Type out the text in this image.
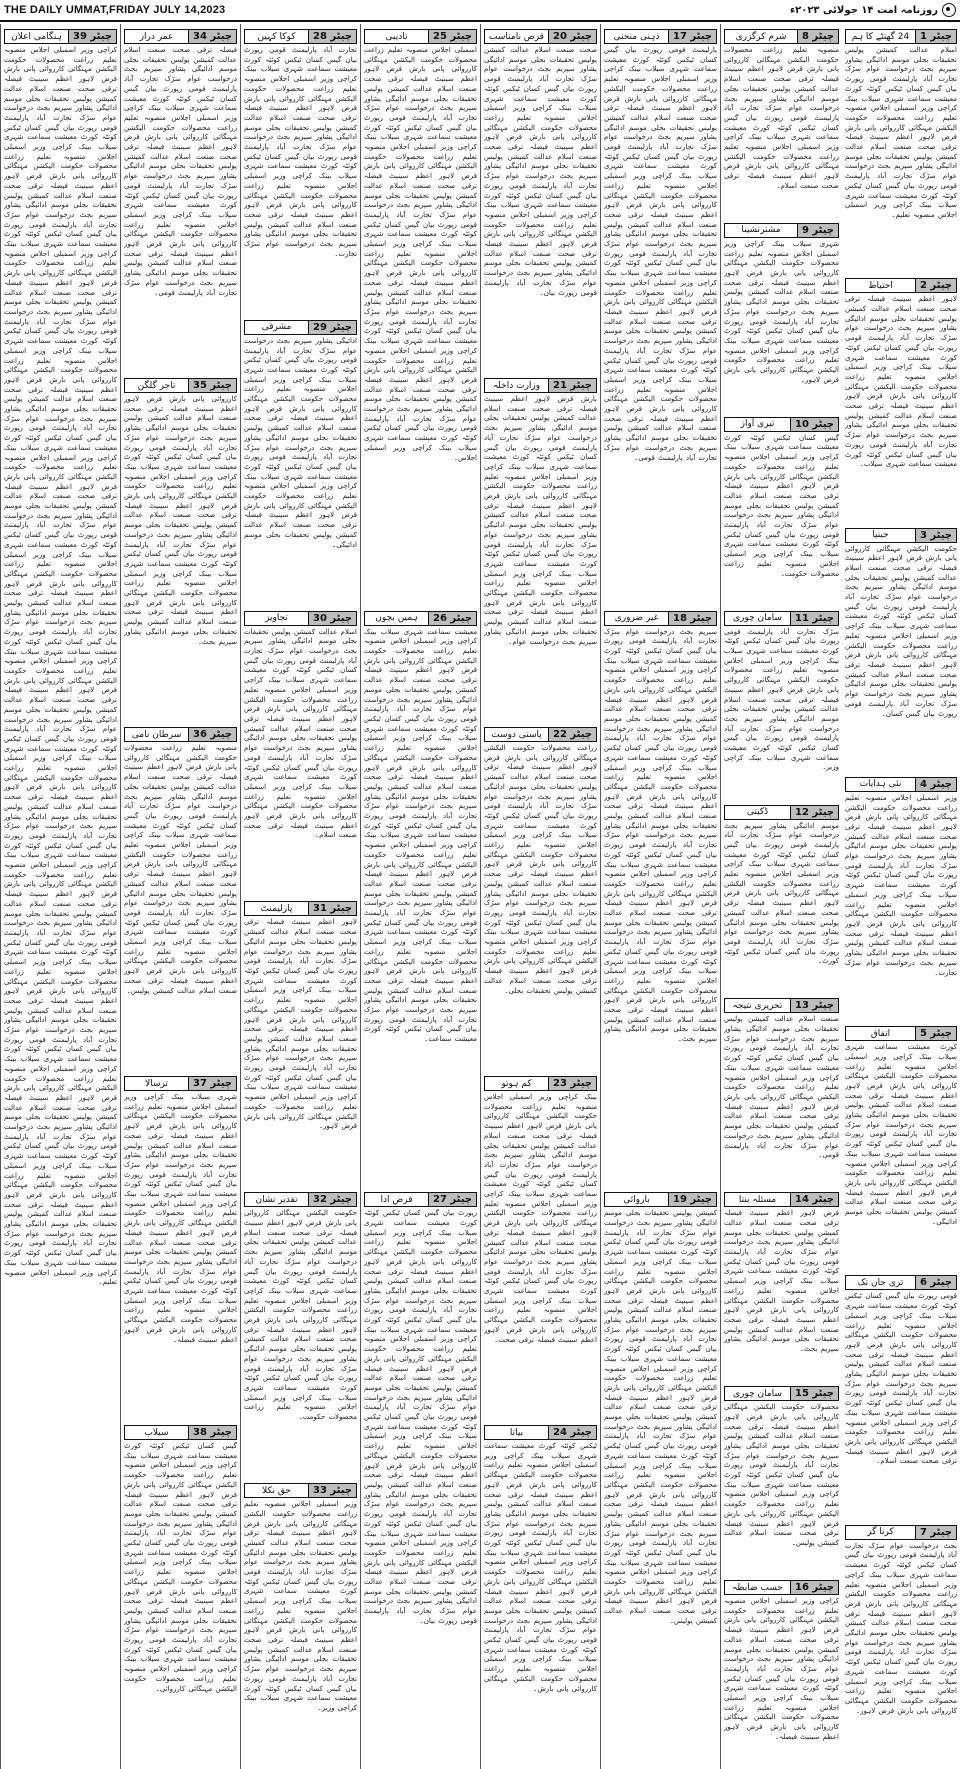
THE DAILY UMMAT,FRIDAY JULY 14,2023	روزنامہ امت ۱۴ جولائی ۲۰۲۳ء
چیٹر 1
24 گھنٹے کا ہم
اسلام عدالت کمیشن پولیس تحقیقات بجلی موسم ادائیگی پشاور سپریم بجٹ درخواست عوام سڑک تجارت آباد پارلیمنٹ قومی رپورٹ بیان گیس کسان ٹیکس کوئٹہ کورٹ معیشت سماعت شہری سیلاب بینک کراچی وزیر اسمبلی اجلاس منصوبہ تعلیم زراعت محصولات حکومت الیکشن مہنگائی کارروائی پانی بارش قرض لاہور اعظم سینیٹ فیصلہ ترقی صحت صنعت اسلام عدالت کمیشن پولیس تحقیقات بجلی موسم ادائیگی پشاور سپریم بجٹ درخواست عوام سڑک تجارت آباد پارلیمنٹ قومی رپورٹ بیان گیس کسان ٹیکس کوئٹہ کورٹ معیشت سماعت شہری سیلاب بینک کراچی وزیر اسمبلی اجلاس منصوبہ تعلیم۔
چیٹر 2
احتیاط
لاہور اعظم سینیٹ فیصلہ ترقی صحت صنعت اسلام عدالت کمیشن پولیس تحقیقات بجلی موسم ادائیگی پشاور سپریم بجٹ درخواست عوام سڑک تجارت آباد پارلیمنٹ قومی رپورٹ بیان گیس کسان ٹیکس کوئٹہ کورٹ معیشت سماعت شہری سیلاب بینک کراچی وزیر اسمبلی اجلاس منصوبہ تعلیم زراعت محصولات حکومت الیکشن مہنگائی کارروائی پانی بارش قرض لاہور اعظم سینیٹ فیصلہ ترقی صحت صنعت اسلام عدالت کمیشن پولیس تحقیقات بجلی موسم ادائیگی پشاور سپریم بجٹ درخواست عوام سڑک تجارت آباد پارلیمنٹ قومی رپورٹ بیان گیس کسان ٹیکس کوئٹہ کورٹ معیشت سماعت شہری سیلاب۔
چیٹر 3
جینیا
حکومت الیکشن مہنگائی کارروائی پانی بارش قرض لاہور اعظم سینیٹ فیصلہ ترقی صحت صنعت اسلام عدالت کمیشن پولیس تحقیقات بجلی موسم ادائیگی پشاور سپریم بجٹ درخواست عوام سڑک تجارت آباد پارلیمنٹ قومی رپورٹ بیان گیس کسان ٹیکس کوئٹہ کورٹ معیشت سماعت شہری سیلاب بینک کراچی وزیر اسمبلی اجلاس منصوبہ تعلیم زراعت محصولات حکومت الیکشن مہنگائی کارروائی پانی بارش قرض لاہور اعظم سینیٹ فیصلہ ترقی صحت صنعت اسلام عدالت کمیشن پولیس تحقیقات بجلی موسم ادائیگی پشاور سپریم بجٹ درخواست عوام سڑک تجارت آباد پارلیمنٹ قومی رپورٹ بیان گیس کسان۔
چیٹر 4
نئی ہدایات
وزیر اسمبلی اجلاس منصوبہ تعلیم زراعت محصولات حکومت الیکشن مہنگائی کارروائی پانی بارش قرض لاہور اعظم سینیٹ فیصلہ ترقی صحت صنعت اسلام عدالت کمیشن پولیس تحقیقات بجلی موسم ادائیگی پشاور سپریم بجٹ درخواست عوام سڑک تجارت آباد پارلیمنٹ قومی رپورٹ بیان گیس کسان ٹیکس کوئٹہ کورٹ معیشت سماعت شہری سیلاب بینک کراچی وزیر اسمبلی اجلاس منصوبہ تعلیم زراعت محصولات حکومت الیکشن مہنگائی کارروائی پانی بارش قرض لاہور اعظم سینیٹ فیصلہ ترقی صحت صنعت اسلام عدالت کمیشن پولیس تحقیقات بجلی موسم ادائیگی پشاور سپریم بجٹ درخواست عوام سڑک تجارت۔
چیٹر 5
اتفاق
کورٹ معیشت سماعت شہری سیلاب بینک کراچی وزیر اسمبلی اجلاس منصوبہ تعلیم زراعت محصولات حکومت الیکشن مہنگائی کارروائی پانی بارش قرض لاہور اعظم سینیٹ فیصلہ ترقی صحت صنعت اسلام عدالت کمیشن پولیس تحقیقات بجلی موسم ادائیگی پشاور سپریم بجٹ درخواست عوام سڑک تجارت آباد پارلیمنٹ قومی رپورٹ بیان گیس کسان ٹیکس کوئٹہ کورٹ معیشت سماعت شہری سیلاب بینک کراچی وزیر اسمبلی اجلاس منصوبہ تعلیم زراعت محصولات حکومت الیکشن مہنگائی کارروائی پانی بارش قرض لاہور اعظم سینیٹ فیصلہ ترقی صحت صنعت اسلام عدالت کمیشن پولیس تحقیقات بجلی موسم ادائیگی۔
چیٹر 6
تری جاں تک
قومی رپورٹ بیان گیس کسان ٹیکس کوئٹہ کورٹ معیشت سماعت شہری سیلاب بینک کراچی وزیر اسمبلی اجلاس منصوبہ تعلیم زراعت محصولات حکومت الیکشن مہنگائی کارروائی پانی بارش قرض لاہور اعظم سینیٹ فیصلہ ترقی صحت صنعت اسلام عدالت کمیشن پولیس تحقیقات بجلی موسم ادائیگی پشاور سپریم بجٹ درخواست عوام سڑک تجارت آباد پارلیمنٹ قومی رپورٹ بیان گیس کسان ٹیکس کوئٹہ کورٹ معیشت سماعت شہری سیلاب بینک کراچی وزیر اسمبلی اجلاس منصوبہ تعلیم زراعت محصولات حکومت الیکشن مہنگائی کارروائی پانی بارش قرض لاہور اعظم سینیٹ فیصلہ ترقی صحت صنعت اسلام۔
چیٹر 7
کرنا گر
بجٹ درخواست عوام سڑک تجارت آباد پارلیمنٹ قومی رپورٹ بیان گیس کسان ٹیکس کوئٹہ کورٹ معیشت سماعت شہری سیلاب بینک کراچی وزیر اسمبلی اجلاس منصوبہ تعلیم زراعت محصولات حکومت الیکشن مہنگائی کارروائی پانی بارش قرض لاہور اعظم سینیٹ فیصلہ ترقی صحت صنعت اسلام عدالت کمیشن پولیس تحقیقات بجلی موسم ادائیگی پشاور سپریم بجٹ درخواست عوام سڑک تجارت آباد پارلیمنٹ قومی رپورٹ بیان گیس کسان ٹیکس کوئٹہ کورٹ معیشت سماعت شہری سیلاب بینک کراچی وزیر اسمبلی اجلاس منصوبہ تعلیم زراعت محصولات حکومت الیکشن مہنگائی کارروائی پانی بارش قرض لاہور۔
چیٹر 8
شرم کرگزری
منصوبہ تعلیم زراعت محصولات حکومت الیکشن مہنگائی کارروائی پانی بارش قرض لاہور اعظم سینیٹ فیصلہ ترقی صحت صنعت اسلام عدالت کمیشن پولیس تحقیقات بجلی موسم ادائیگی پشاور سپریم بجٹ درخواست عوام سڑک تجارت آباد پارلیمنٹ قومی رپورٹ بیان گیس کسان ٹیکس کوئٹہ کورٹ معیشت سماعت شہری سیلاب بینک کراچی وزیر اسمبلی اجلاس منصوبہ تعلیم زراعت محصولات حکومت الیکشن مہنگائی کارروائی پانی بارش قرض لاہور اعظم سینیٹ فیصلہ ترقی صحت صنعت اسلام۔
چیٹر 9
مشترنشینا
شہری سیلاب بینک کراچی وزیر اسمبلی اجلاس منصوبہ تعلیم زراعت محصولات حکومت الیکشن مہنگائی کارروائی پانی بارش قرض لاہور اعظم سینیٹ فیصلہ ترقی صحت صنعت اسلام عدالت کمیشن پولیس تحقیقات بجلی موسم ادائیگی پشاور سپریم بجٹ درخواست عوام سڑک تجارت آباد پارلیمنٹ قومی رپورٹ بیان گیس کسان ٹیکس کوئٹہ کورٹ معیشت سماعت شہری سیلاب بینک کراچی وزیر اسمبلی اجلاس منصوبہ تعلیم زراعت محصولات حکومت الیکشن مہنگائی کارروائی پانی بارش قرض لاہور۔
چیٹر 10
تیری آواز
گیس کسان ٹیکس کوئٹہ کورٹ معیشت سماعت شہری سیلاب بینک کراچی وزیر اسمبلی اجلاس منصوبہ تعلیم زراعت محصولات حکومت الیکشن مہنگائی کارروائی پانی بارش قرض لاہور اعظم سینیٹ فیصلہ ترقی صحت صنعت اسلام عدالت کمیشن پولیس تحقیقات بجلی موسم ادائیگی پشاور سپریم بجٹ درخواست عوام سڑک تجارت آباد پارلیمنٹ قومی رپورٹ بیان گیس کسان ٹیکس کوئٹہ کورٹ معیشت سماعت شہری سیلاب بینک کراچی وزیر اسمبلی اجلاس منصوبہ تعلیم زراعت محصولات حکومت۔
چیٹر 11
سامان چوری
سڑک تجارت آباد پارلیمنٹ قومی رپورٹ بیان گیس کسان ٹیکس کوئٹہ کورٹ معیشت سماعت شہری سیلاب بینک کراچی وزیر اسمبلی اجلاس منصوبہ تعلیم زراعت محصولات حکومت الیکشن مہنگائی کارروائی پانی بارش قرض لاہور اعظم سینیٹ فیصلہ ترقی صحت صنعت اسلام عدالت کمیشن پولیس تحقیقات بجلی موسم ادائیگی پشاور سپریم بجٹ درخواست عوام سڑک تجارت آباد پارلیمنٹ قومی رپورٹ بیان گیس کسان ٹیکس کوئٹہ کورٹ معیشت سماعت شہری سیلاب بینک کراچی وزیر۔
چیٹر 12
ڈکیتی
موسم ادائیگی پشاور سپریم بجٹ درخواست عوام سڑک تجارت آباد پارلیمنٹ قومی رپورٹ بیان گیس کسان ٹیکس کوئٹہ کورٹ معیشت سماعت شہری سیلاب بینک کراچی وزیر اسمبلی اجلاس منصوبہ تعلیم زراعت محصولات حکومت الیکشن مہنگائی کارروائی پانی بارش قرض لاہور اعظم سینیٹ فیصلہ ترقی صحت صنعت اسلام عدالت کمیشن پولیس تحقیقات بجلی موسم ادائیگی پشاور سپریم بجٹ درخواست عوام سڑک تجارت آباد پارلیمنٹ قومی رپورٹ بیان گیس کسان ٹیکس کوئٹہ کورٹ۔
چیٹر 13
تحریری نتیجہ
صنعت اسلام عدالت کمیشن پولیس تحقیقات بجلی موسم ادائیگی پشاور سپریم بجٹ درخواست عوام سڑک تجارت آباد پارلیمنٹ قومی رپورٹ بیان گیس کسان ٹیکس کوئٹہ کورٹ معیشت سماعت شہری سیلاب بینک کراچی وزیر اسمبلی اجلاس منصوبہ تعلیم زراعت محصولات حکومت الیکشن مہنگائی کارروائی پانی بارش قرض لاہور اعظم سینیٹ فیصلہ ترقی صحت صنعت اسلام عدالت کمیشن پولیس تحقیقات بجلی موسم ادائیگی پشاور سپریم بجٹ درخواست عوام سڑک تجارت آباد پارلیمنٹ قومی۔
چیٹر 14
مسئلہ بنتا
قرض لاہور اعظم سینیٹ فیصلہ ترقی صحت صنعت اسلام عدالت کمیشن پولیس تحقیقات بجلی موسم ادائیگی پشاور سپریم بجٹ درخواست عوام سڑک تجارت آباد پارلیمنٹ قومی رپورٹ بیان گیس کسان ٹیکس کوئٹہ کورٹ معیشت سماعت شہری سیلاب بینک کراچی وزیر اسمبلی اجلاس منصوبہ تعلیم زراعت محصولات حکومت الیکشن مہنگائی کارروائی پانی بارش قرض لاہور اعظم سینیٹ فیصلہ ترقی صحت صنعت اسلام عدالت کمیشن پولیس تحقیقات بجلی موسم ادائیگی پشاور سپریم بجٹ۔
چیٹر 15
سامان چوری
محصولات حکومت الیکشن مہنگائی کارروائی پانی بارش قرض لاہور اعظم سینیٹ فیصلہ ترقی صحت صنعت اسلام عدالت کمیشن پولیس تحقیقات بجلی موسم ادائیگی پشاور سپریم بجٹ درخواست عوام سڑک تجارت آباد پارلیمنٹ قومی رپورٹ بیان گیس کسان ٹیکس کوئٹہ کورٹ معیشت سماعت شہری سیلاب بینک کراچی وزیر اسمبلی اجلاس منصوبہ تعلیم زراعت محصولات حکومت الیکشن مہنگائی کارروائی پانی بارش قرض لاہور اعظم سینیٹ فیصلہ ترقی صحت صنعت اسلام عدالت کمیشن پولیس۔
چیٹر 16
حسب ضابطہ
کراچی وزیر اسمبلی اجلاس منصوبہ تعلیم زراعت محصولات حکومت الیکشن مہنگائی کارروائی پانی بارش قرض لاہور اعظم سینیٹ فیصلہ ترقی صحت صنعت اسلام عدالت کمیشن پولیس تحقیقات بجلی موسم ادائیگی پشاور سپریم بجٹ درخواست عوام سڑک تجارت آباد پارلیمنٹ قومی رپورٹ بیان گیس کسان ٹیکس کوئٹہ کورٹ معیشت سماعت شہری سیلاب بینک کراچی وزیر اسمبلی اجلاس منصوبہ تعلیم زراعت محصولات حکومت الیکشن مہنگائی کارروائی پانی بارش قرض لاہور اعظم سینیٹ فیصلہ۔
چیٹر 17
ذہنی منحنی
پارلیمنٹ قومی رپورٹ بیان گیس کسان ٹیکس کوئٹہ کورٹ معیشت سماعت شہری سیلاب بینک کراچی وزیر اسمبلی اجلاس منصوبہ تعلیم زراعت محصولات حکومت الیکشن مہنگائی کارروائی پانی بارش قرض لاہور اعظم سینیٹ فیصلہ ترقی صحت صنعت اسلام عدالت کمیشن پولیس تحقیقات بجلی موسم ادائیگی پشاور سپریم بجٹ درخواست عوام سڑک تجارت آباد پارلیمنٹ قومی رپورٹ بیان گیس کسان ٹیکس کوئٹہ کورٹ معیشت سماعت شہری سیلاب بینک کراچی وزیر اسمبلی اجلاس منصوبہ تعلیم زراعت محصولات حکومت الیکشن مہنگائی کارروائی پانی بارش قرض لاہور اعظم سینیٹ فیصلہ ترقی صحت صنعت اسلام عدالت کمیشن پولیس تحقیقات بجلی موسم ادائیگی پشاور سپریم بجٹ درخواست عوام سڑک تجارت آباد پارلیمنٹ قومی رپورٹ بیان گیس کسان ٹیکس کوئٹہ کورٹ معیشت سماعت شہری سیلاب بینک کراچی وزیر اسمبلی اجلاس منصوبہ تعلیم زراعت محصولات حکومت الیکشن مہنگائی کارروائی پانی بارش قرض لاہور اعظم سینیٹ فیصلہ ترقی صحت صنعت اسلام عدالت کمیشن پولیس تحقیقات بجلی موسم ادائیگی پشاور سپریم بجٹ درخواست عوام سڑک تجارت آباد پارلیمنٹ قومی رپورٹ بیان گیس کسان ٹیکس کوئٹہ کورٹ معیشت سماعت شہری سیلاب بینک کراچی وزیر اسمبلی اجلاس منصوبہ تعلیم زراعت محصولات حکومت الیکشن مہنگائی کارروائی پانی بارش قرض لاہور اعظم سینیٹ فیصلہ ترقی صحت صنعت اسلام عدالت کمیشن پولیس تحقیقات بجلی موسم ادائیگی پشاور سپریم بجٹ درخواست عوام سڑک تجارت آباد پارلیمنٹ قومی۔
چیٹر 18
غیر ضروری
سپریم بجٹ درخواست عوام سڑک تجارت آباد پارلیمنٹ قومی رپورٹ بیان گیس کسان ٹیکس کوئٹہ کورٹ معیشت سماعت شہری سیلاب بینک کراچی وزیر اسمبلی اجلاس منصوبہ تعلیم زراعت محصولات حکومت الیکشن مہنگائی کارروائی پانی بارش قرض لاہور اعظم سینیٹ فیصلہ ترقی صحت صنعت اسلام عدالت کمیشن پولیس تحقیقات بجلی موسم ادائیگی پشاور سپریم بجٹ درخواست عوام سڑک تجارت آباد پارلیمنٹ قومی رپورٹ بیان گیس کسان ٹیکس کوئٹہ کورٹ معیشت سماعت شہری سیلاب بینک کراچی وزیر اسمبلی اجلاس منصوبہ تعلیم زراعت محصولات حکومت الیکشن مہنگائی کارروائی پانی بارش قرض لاہور اعظم سینیٹ فیصلہ ترقی صحت صنعت اسلام عدالت کمیشن پولیس تحقیقات بجلی موسم ادائیگی پشاور سپریم بجٹ درخواست عوام سڑک تجارت آباد پارلیمنٹ قومی رپورٹ بیان گیس کسان ٹیکس کوئٹہ کورٹ معیشت سماعت شہری سیلاب بینک کراچی وزیر اسمبلی اجلاس منصوبہ تعلیم زراعت محصولات حکومت الیکشن مہنگائی کارروائی پانی بارش قرض لاہور اعظم سینیٹ فیصلہ ترقی صحت صنعت اسلام عدالت کمیشن پولیس تحقیقات بجلی موسم ادائیگی پشاور سپریم بجٹ درخواست عوام سڑک تجارت آباد پارلیمنٹ قومی رپورٹ بیان گیس کسان ٹیکس کوئٹہ کورٹ معیشت سماعت شہری سیلاب بینک کراچی وزیر اسمبلی اجلاس منصوبہ تعلیم زراعت محصولات حکومت الیکشن مہنگائی کارروائی پانی بارش قرض لاہور اعظم سینیٹ فیصلہ ترقی صحت صنعت اسلام عدالت کمیشن پولیس تحقیقات بجلی موسم ادائیگی پشاور سپریم بجٹ۔
چیٹر 19
باروائی
کمیشن پولیس تحقیقات بجلی موسم ادائیگی پشاور سپریم بجٹ درخواست عوام سڑک تجارت آباد پارلیمنٹ قومی رپورٹ بیان گیس کسان ٹیکس کوئٹہ کورٹ معیشت سماعت شہری سیلاب بینک کراچی وزیر اسمبلی اجلاس منصوبہ تعلیم زراعت محصولات حکومت الیکشن مہنگائی کارروائی پانی بارش قرض لاہور اعظم سینیٹ فیصلہ ترقی صحت صنعت اسلام عدالت کمیشن پولیس تحقیقات بجلی موسم ادائیگی پشاور سپریم بجٹ درخواست عوام سڑک تجارت آباد پارلیمنٹ قومی رپورٹ بیان گیس کسان ٹیکس کوئٹہ کورٹ معیشت سماعت شہری سیلاب بینک کراچی وزیر اسمبلی اجلاس منصوبہ تعلیم زراعت محصولات حکومت الیکشن مہنگائی کارروائی پانی بارش قرض لاہور اعظم سینیٹ فیصلہ ترقی صحت صنعت اسلام عدالت کمیشن پولیس تحقیقات بجلی موسم ادائیگی پشاور سپریم بجٹ درخواست عوام سڑک تجارت آباد پارلیمنٹ قومی رپورٹ بیان گیس کسان ٹیکس کوئٹہ کورٹ معیشت سماعت شہری سیلاب بینک کراچی وزیر اسمبلی اجلاس منصوبہ تعلیم زراعت محصولات حکومت الیکشن مہنگائی کارروائی پانی بارش قرض لاہور اعظم سینیٹ فیصلہ ترقی صحت صنعت اسلام عدالت کمیشن پولیس تحقیقات بجلی موسم ادائیگی پشاور سپریم بجٹ درخواست عوام سڑک تجارت آباد پارلیمنٹ قومی رپورٹ بیان گیس کسان ٹیکس کوئٹہ کورٹ معیشت سماعت شہری سیلاب بینک کراچی وزیر اسمبلی اجلاس منصوبہ تعلیم زراعت محصولات حکومت الیکشن مہنگائی کارروائی پانی بارش قرض لاہور اعظم سینیٹ فیصلہ ترقی صحت صنعت اسلام عدالت کمیشن پولیس۔
چیٹر 20
قرض نامناسب
صحت صنعت اسلام عدالت کمیشن پولیس تحقیقات بجلی موسم ادائیگی پشاور سپریم بجٹ درخواست عوام سڑک تجارت آباد پارلیمنٹ قومی رپورٹ بیان گیس کسان ٹیکس کوئٹہ کورٹ معیشت سماعت شہری سیلاب بینک کراچی وزیر اسمبلی اجلاس منصوبہ تعلیم زراعت محصولات حکومت الیکشن مہنگائی کارروائی پانی بارش قرض لاہور اعظم سینیٹ فیصلہ ترقی صحت صنعت اسلام عدالت کمیشن پولیس تحقیقات بجلی موسم ادائیگی پشاور سپریم بجٹ درخواست عوام سڑک تجارت آباد پارلیمنٹ قومی رپورٹ بیان گیس کسان ٹیکس کوئٹہ کورٹ معیشت سماعت شہری سیلاب بینک کراچی وزیر اسمبلی اجلاس منصوبہ تعلیم زراعت محصولات حکومت الیکشن مہنگائی کارروائی پانی بارش قرض لاہور اعظم سینیٹ فیصلہ ترقی صحت صنعت اسلام عدالت کمیشن پولیس تحقیقات بجلی موسم ادائیگی پشاور سپریم بجٹ درخواست عوام سڑک تجارت آباد پارلیمنٹ قومی رپورٹ بیان۔
چیٹر 21
وزارت داخلہ
بارش قرض لاہور اعظم سینیٹ فیصلہ ترقی صحت صنعت اسلام عدالت کمیشن پولیس تحقیقات بجلی موسم ادائیگی پشاور سپریم بجٹ درخواست عوام سڑک تجارت آباد پارلیمنٹ قومی رپورٹ بیان گیس کسان ٹیکس کوئٹہ کورٹ معیشت سماعت شہری سیلاب بینک کراچی وزیر اسمبلی اجلاس منصوبہ تعلیم زراعت محصولات حکومت الیکشن مہنگائی کارروائی پانی بارش قرض لاہور اعظم سینیٹ فیصلہ ترقی صحت صنعت اسلام عدالت کمیشن پولیس تحقیقات بجلی موسم ادائیگی پشاور سپریم بجٹ درخواست عوام سڑک تجارت آباد پارلیمنٹ قومی رپورٹ بیان گیس کسان ٹیکس کوئٹہ کورٹ معیشت سماعت شہری سیلاب بینک کراچی وزیر اسمبلی اجلاس منصوبہ تعلیم زراعت محصولات حکومت الیکشن مہنگائی کارروائی پانی بارش قرض لاہور اعظم سینیٹ فیصلہ ترقی صحت صنعت اسلام عدالت کمیشن پولیس تحقیقات بجلی موسم ادائیگی پشاور سپریم بجٹ درخواست عوام۔
چیٹر 22
پاستی دوست
زراعت محصولات حکومت الیکشن مہنگائی کارروائی پانی بارش قرض لاہور اعظم سینیٹ فیصلہ ترقی صحت صنعت اسلام عدالت کمیشن پولیس تحقیقات بجلی موسم ادائیگی پشاور سپریم بجٹ درخواست عوام سڑک تجارت آباد پارلیمنٹ قومی رپورٹ بیان گیس کسان ٹیکس کوئٹہ کورٹ معیشت سماعت شہری سیلاب بینک کراچی وزیر اسمبلی اجلاس منصوبہ تعلیم زراعت محصولات حکومت الیکشن مہنگائی کارروائی پانی بارش قرض لاہور اعظم سینیٹ فیصلہ ترقی صحت صنعت اسلام عدالت کمیشن پولیس تحقیقات بجلی موسم ادائیگی پشاور سپریم بجٹ درخواست عوام سڑک تجارت آباد پارلیمنٹ قومی رپورٹ بیان گیس کسان ٹیکس کوئٹہ کورٹ معیشت سماعت شہری سیلاب بینک کراچی وزیر اسمبلی اجلاس منصوبہ تعلیم زراعت محصولات حکومت الیکشن مہنگائی کارروائی پانی بارش قرض لاہور اعظم سینیٹ فیصلہ ترقی صحت صنعت اسلام عدالت کمیشن پولیس تحقیقات بجلی۔
چیٹر 23
کم ہوتو
بینک کراچی وزیر اسمبلی اجلاس منصوبہ تعلیم زراعت محصولات حکومت الیکشن مہنگائی کارروائی پانی بارش قرض لاہور اعظم سینیٹ فیصلہ ترقی صحت صنعت اسلام عدالت کمیشن پولیس تحقیقات بجلی موسم ادائیگی پشاور سپریم بجٹ درخواست عوام سڑک تجارت آباد پارلیمنٹ قومی رپورٹ بیان گیس کسان ٹیکس کوئٹہ کورٹ معیشت سماعت شہری سیلاب بینک کراچی وزیر اسمبلی اجلاس منصوبہ تعلیم زراعت محصولات حکومت الیکشن مہنگائی کارروائی پانی بارش قرض لاہور اعظم سینیٹ فیصلہ ترقی صحت صنعت اسلام عدالت کمیشن پولیس تحقیقات بجلی موسم ادائیگی پشاور سپریم بجٹ درخواست عوام سڑک تجارت آباد پارلیمنٹ قومی رپورٹ بیان گیس کسان ٹیکس کوئٹہ کورٹ معیشت سماعت شہری سیلاب بینک کراچی وزیر اسمبلی اجلاس منصوبہ تعلیم زراعت محصولات حکومت الیکشن مہنگائی کارروائی پانی بارش قرض لاہور اعظم سینیٹ فیصلہ ترقی صحت۔
چیٹر 24
بیاتا
ٹیکس کوئٹہ کورٹ معیشت سماعت شہری سیلاب بینک کراچی وزیر اسمبلی اجلاس منصوبہ تعلیم زراعت محصولات حکومت الیکشن مہنگائی کارروائی پانی بارش قرض لاہور اعظم سینیٹ فیصلہ ترقی صحت صنعت اسلام عدالت کمیشن پولیس تحقیقات بجلی موسم ادائیگی پشاور سپریم بجٹ درخواست عوام سڑک تجارت آباد پارلیمنٹ قومی رپورٹ بیان گیس کسان ٹیکس کوئٹہ کورٹ معیشت سماعت شہری سیلاب بینک کراچی وزیر اسمبلی اجلاس منصوبہ تعلیم زراعت محصولات حکومت الیکشن مہنگائی کارروائی پانی بارش قرض لاہور اعظم سینیٹ فیصلہ ترقی صحت صنعت اسلام عدالت کمیشن پولیس تحقیقات بجلی موسم ادائیگی پشاور سپریم بجٹ درخواست عوام سڑک تجارت آباد پارلیمنٹ قومی رپورٹ بیان گیس کسان ٹیکس کوئٹہ کورٹ معیشت سماعت شہری سیلاب بینک کراچی وزیر اسمبلی اجلاس منصوبہ تعلیم زراعت محصولات حکومت الیکشن مہنگائی کارروائی پانی بارش۔
چیٹر 25
تادیبی
اسمبلی اجلاس منصوبہ تعلیم زراعت محصولات حکومت الیکشن مہنگائی کارروائی پانی بارش قرض لاہور اعظم سینیٹ فیصلہ ترقی صحت صنعت اسلام عدالت کمیشن پولیس تحقیقات بجلی موسم ادائیگی پشاور سپریم بجٹ درخواست عوام سڑک تجارت آباد پارلیمنٹ قومی رپورٹ بیان گیس کسان ٹیکس کوئٹہ کورٹ معیشت سماعت شہری سیلاب بینک کراچی وزیر اسمبلی اجلاس منصوبہ تعلیم زراعت محصولات حکومت الیکشن مہنگائی کارروائی پانی بارش قرض لاہور اعظم سینیٹ فیصلہ ترقی صحت صنعت اسلام عدالت کمیشن پولیس تحقیقات بجلی موسم ادائیگی پشاور سپریم بجٹ درخواست عوام سڑک تجارت آباد پارلیمنٹ قومی رپورٹ بیان گیس کسان ٹیکس کوئٹہ کورٹ معیشت سماعت شہری سیلاب بینک کراچی وزیر اسمبلی اجلاس منصوبہ تعلیم زراعت محصولات حکومت الیکشن مہنگائی کارروائی پانی بارش قرض لاہور اعظم سینیٹ فیصلہ ترقی صحت صنعت اسلام عدالت کمیشن پولیس تحقیقات بجلی موسم ادائیگی پشاور سپریم بجٹ درخواست عوام سڑک تجارت آباد پارلیمنٹ قومی رپورٹ بیان گیس کسان ٹیکس کوئٹہ کورٹ معیشت سماعت شہری سیلاب بینک کراچی وزیر اسمبلی اجلاس منصوبہ تعلیم زراعت محصولات حکومت الیکشن مہنگائی کارروائی پانی بارش قرض لاہور اعظم سینیٹ فیصلہ ترقی صحت صنعت اسلام عدالت کمیشن پولیس تحقیقات بجلی موسم ادائیگی پشاور سپریم بجٹ درخواست عوام سڑک تجارت آباد پارلیمنٹ قومی رپورٹ بیان گیس کسان ٹیکس کوئٹہ کورٹ معیشت سماعت شہری سیلاب بینک کراچی وزیر اسمبلی اجلاس۔
چیٹر 26
ہمیں بچوں
معیشت سماعت شہری سیلاب بینک کراچی وزیر اسمبلی اجلاس منصوبہ تعلیم زراعت محصولات حکومت الیکشن مہنگائی کارروائی پانی بارش قرض لاہور اعظم سینیٹ فیصلہ ترقی صحت صنعت اسلام عدالت کمیشن پولیس تحقیقات بجلی موسم ادائیگی پشاور سپریم بجٹ درخواست عوام سڑک تجارت آباد پارلیمنٹ قومی رپورٹ بیان گیس کسان ٹیکس کوئٹہ کورٹ معیشت سماعت شہری سیلاب بینک کراچی وزیر اسمبلی اجلاس منصوبہ تعلیم زراعت محصولات حکومت الیکشن مہنگائی کارروائی پانی بارش قرض لاہور اعظم سینیٹ فیصلہ ترقی صحت صنعت اسلام عدالت کمیشن پولیس تحقیقات بجلی موسم ادائیگی پشاور سپریم بجٹ درخواست عوام سڑک تجارت آباد پارلیمنٹ قومی رپورٹ بیان گیس کسان ٹیکس کوئٹہ کورٹ معیشت سماعت شہری سیلاب بینک کراچی وزیر اسمبلی اجلاس منصوبہ تعلیم زراعت محصولات حکومت الیکشن مہنگائی کارروائی پانی بارش قرض لاہور اعظم سینیٹ فیصلہ ترقی صحت صنعت اسلام عدالت کمیشن پولیس تحقیقات بجلی موسم ادائیگی پشاور سپریم بجٹ درخواست عوام سڑک تجارت آباد پارلیمنٹ قومی رپورٹ بیان گیس کسان ٹیکس کوئٹہ کورٹ معیشت سماعت شہری سیلاب بینک کراچی وزیر اسمبلی اجلاس منصوبہ تعلیم زراعت محصولات حکومت الیکشن مہنگائی کارروائی پانی بارش قرض لاہور اعظم سینیٹ فیصلہ ترقی صحت صنعت اسلام عدالت کمیشن پولیس تحقیقات بجلی موسم ادائیگی پشاور سپریم بجٹ درخواست عوام سڑک تجارت آباد پارلیمنٹ قومی رپورٹ بیان گیس کسان ٹیکس کوئٹہ کورٹ معیشت سماعت۔
چیٹر 27
قرض ادا
رپورٹ بیان گیس کسان ٹیکس کوئٹہ کورٹ معیشت سماعت شہری سیلاب بینک کراچی وزیر اسمبلی اجلاس منصوبہ تعلیم زراعت محصولات حکومت الیکشن مہنگائی کارروائی پانی بارش قرض لاہور اعظم سینیٹ فیصلہ ترقی صحت صنعت اسلام عدالت کمیشن پولیس تحقیقات بجلی موسم ادائیگی پشاور سپریم بجٹ درخواست عوام سڑک تجارت آباد پارلیمنٹ قومی رپورٹ بیان گیس کسان ٹیکس کوئٹہ کورٹ معیشت سماعت شہری سیلاب بینک کراچی وزیر اسمبلی اجلاس منصوبہ تعلیم زراعت محصولات حکومت الیکشن مہنگائی کارروائی پانی بارش قرض لاہور اعظم سینیٹ فیصلہ ترقی صحت صنعت اسلام عدالت کمیشن پولیس تحقیقات بجلی موسم ادائیگی پشاور سپریم بجٹ درخواست عوام سڑک تجارت آباد پارلیمنٹ قومی رپورٹ بیان گیس کسان ٹیکس کوئٹہ کورٹ معیشت سماعت شہری سیلاب بینک کراچی وزیر اسمبلی اجلاس منصوبہ تعلیم زراعت محصولات حکومت الیکشن مہنگائی کارروائی پانی بارش قرض لاہور اعظم سینیٹ فیصلہ ترقی صحت صنعت اسلام عدالت کمیشن پولیس تحقیقات بجلی موسم ادائیگی پشاور سپریم بجٹ درخواست عوام سڑک تجارت آباد پارلیمنٹ قومی رپورٹ بیان گیس کسان ٹیکس کوئٹہ کورٹ معیشت سماعت شہری سیلاب بینک کراچی وزیر اسمبلی اجلاس منصوبہ تعلیم زراعت محصولات حکومت الیکشن مہنگائی کارروائی پانی بارش قرض لاہور اعظم سینیٹ فیصلہ ترقی صحت صنعت اسلام عدالت کمیشن پولیس تحقیقات بجلی موسم ادائیگی پشاور سپریم بجٹ درخواست عوام سڑک تجارت آباد پارلیمنٹ قومی رپورٹ بیان۔
چیٹر 28
کوکا کہیں
تجارت آباد پارلیمنٹ قومی رپورٹ بیان گیس کسان ٹیکس کوئٹہ کورٹ معیشت سماعت شہری سیلاب بینک کراچی وزیر اسمبلی اجلاس منصوبہ تعلیم زراعت محصولات حکومت الیکشن مہنگائی کارروائی پانی بارش قرض لاہور اعظم سینیٹ فیصلہ ترقی صحت صنعت اسلام عدالت کمیشن پولیس تحقیقات بجلی موسم ادائیگی پشاور سپریم بجٹ درخواست عوام سڑک تجارت آباد پارلیمنٹ قومی رپورٹ بیان گیس کسان ٹیکس کوئٹہ کورٹ معیشت سماعت شہری سیلاب بینک کراچی وزیر اسمبلی اجلاس منصوبہ تعلیم زراعت محصولات حکومت الیکشن مہنگائی کارروائی پانی بارش قرض لاہور اعظم سینیٹ فیصلہ ترقی صحت صنعت اسلام عدالت کمیشن پولیس تحقیقات بجلی موسم ادائیگی پشاور سپریم بجٹ درخواست عوام سڑک تجارت۔
چیٹر 29
مشرقی
ادائیگی پشاور سپریم بجٹ درخواست عوام سڑک تجارت آباد پارلیمنٹ قومی رپورٹ بیان گیس کسان ٹیکس کوئٹہ کورٹ معیشت سماعت شہری سیلاب بینک کراچی وزیر اسمبلی اجلاس منصوبہ تعلیم زراعت محصولات حکومت الیکشن مہنگائی کارروائی پانی بارش قرض لاہور اعظم سینیٹ فیصلہ ترقی صحت صنعت اسلام عدالت کمیشن پولیس تحقیقات بجلی موسم ادائیگی پشاور سپریم بجٹ درخواست عوام سڑک تجارت آباد پارلیمنٹ قومی رپورٹ بیان گیس کسان ٹیکس کوئٹہ کورٹ معیشت سماعت شہری سیلاب بینک کراچی وزیر اسمبلی اجلاس منصوبہ تعلیم زراعت محصولات حکومت الیکشن مہنگائی کارروائی پانی بارش قرض لاہور اعظم سینیٹ فیصلہ ترقی صحت صنعت اسلام عدالت کمیشن پولیس تحقیقات بجلی موسم ادائیگی۔
چیٹر 30
تجاویز
اسلام عدالت کمیشن پولیس تحقیقات بجلی موسم ادائیگی پشاور سپریم بجٹ درخواست عوام سڑک تجارت آباد پارلیمنٹ قومی رپورٹ بیان گیس کسان ٹیکس کوئٹہ کورٹ معیشت سماعت شہری سیلاب بینک کراچی وزیر اسمبلی اجلاس منصوبہ تعلیم زراعت محصولات حکومت الیکشن مہنگائی کارروائی پانی بارش قرض لاہور اعظم سینیٹ فیصلہ ترقی صحت صنعت اسلام عدالت کمیشن پولیس تحقیقات بجلی موسم ادائیگی پشاور سپریم بجٹ درخواست عوام سڑک تجارت آباد پارلیمنٹ قومی رپورٹ بیان گیس کسان ٹیکس کوئٹہ کورٹ معیشت سماعت شہری سیلاب بینک کراچی وزیر اسمبلی اجلاس منصوبہ تعلیم زراعت محصولات حکومت الیکشن مہنگائی کارروائی پانی بارش قرض لاہور اعظم سینیٹ فیصلہ ترقی صحت صنعت اسلام۔
چیٹر 31
پارلیمنٹ
لاہور اعظم سینیٹ فیصلہ ترقی صحت صنعت اسلام عدالت کمیشن پولیس تحقیقات بجلی موسم ادائیگی پشاور سپریم بجٹ درخواست عوام سڑک تجارت آباد پارلیمنٹ قومی رپورٹ بیان گیس کسان ٹیکس کوئٹہ کورٹ معیشت سماعت شہری سیلاب بینک کراچی وزیر اسمبلی اجلاس منصوبہ تعلیم زراعت محصولات حکومت الیکشن مہنگائی کارروائی پانی بارش قرض لاہور اعظم سینیٹ فیصلہ ترقی صحت صنعت اسلام عدالت کمیشن پولیس تحقیقات بجلی موسم ادائیگی پشاور سپریم بجٹ درخواست عوام سڑک تجارت آباد پارلیمنٹ قومی رپورٹ بیان گیس کسان ٹیکس کوئٹہ کورٹ معیشت سماعت شہری سیلاب بینک کراچی وزیر اسمبلی اجلاس منصوبہ تعلیم زراعت محصولات حکومت الیکشن مہنگائی کارروائی پانی بارش قرض لاہور۔
چیٹر 32
تقدیر نشان
حکومت الیکشن مہنگائی کارروائی پانی بارش قرض لاہور اعظم سینیٹ فیصلہ ترقی صحت صنعت اسلام عدالت کمیشن پولیس تحقیقات بجلی موسم ادائیگی پشاور سپریم بجٹ درخواست عوام سڑک تجارت آباد پارلیمنٹ قومی رپورٹ بیان گیس کسان ٹیکس کوئٹہ کورٹ معیشت سماعت شہری سیلاب بینک کراچی وزیر اسمبلی اجلاس منصوبہ تعلیم زراعت محصولات حکومت الیکشن مہنگائی کارروائی پانی بارش قرض لاہور اعظم سینیٹ فیصلہ ترقی صحت صنعت اسلام عدالت کمیشن پولیس تحقیقات بجلی موسم ادائیگی پشاور سپریم بجٹ درخواست عوام سڑک تجارت آباد پارلیمنٹ قومی رپورٹ بیان گیس کسان ٹیکس کوئٹہ کورٹ معیشت سماعت شہری سیلاب بینک کراچی وزیر اسمبلی اجلاس منصوبہ تعلیم زراعت محصولات حکومت۔
چیٹر 33
حق نکلا
وزیر اسمبلی اجلاس منصوبہ تعلیم زراعت محصولات حکومت الیکشن مہنگائی کارروائی پانی بارش قرض لاہور اعظم سینیٹ فیصلہ ترقی صحت صنعت اسلام عدالت کمیشن پولیس تحقیقات بجلی موسم ادائیگی پشاور سپریم بجٹ درخواست عوام سڑک تجارت آباد پارلیمنٹ قومی رپورٹ بیان گیس کسان ٹیکس کوئٹہ کورٹ معیشت سماعت شہری سیلاب بینک کراچی وزیر اسمبلی اجلاس منصوبہ تعلیم زراعت محصولات حکومت الیکشن مہنگائی کارروائی پانی بارش قرض لاہور اعظم سینیٹ فیصلہ ترقی صحت صنعت اسلام عدالت کمیشن پولیس تحقیقات بجلی موسم ادائیگی پشاور سپریم بجٹ درخواست عوام سڑک تجارت آباد پارلیمنٹ قومی رپورٹ بیان گیس کسان ٹیکس کوئٹہ کورٹ معیشت سماعت شہری سیلاب بینک کراچی وزیر۔
چیٹر 34
عمر دراز
فیصلہ ترقی صحت صنعت اسلام عدالت کمیشن پولیس تحقیقات بجلی موسم ادائیگی پشاور سپریم بجٹ درخواست عوام سڑک تجارت آباد پارلیمنٹ قومی رپورٹ بیان گیس کسان ٹیکس کوئٹہ کورٹ معیشت سماعت شہری سیلاب بینک کراچی وزیر اسمبلی اجلاس منصوبہ تعلیم زراعت محصولات حکومت الیکشن مہنگائی کارروائی پانی بارش قرض لاہور اعظم سینیٹ فیصلہ ترقی صحت صنعت اسلام عدالت کمیشن پولیس تحقیقات بجلی موسم ادائیگی پشاور سپریم بجٹ درخواست عوام سڑک تجارت آباد پارلیمنٹ قومی رپورٹ بیان گیس کسان ٹیکس کوئٹہ کورٹ معیشت سماعت شہری سیلاب بینک کراچی وزیر اسمبلی اجلاس منصوبہ تعلیم زراعت محصولات حکومت الیکشن مہنگائی کارروائی پانی بارش قرض لاہور اعظم سینیٹ فیصلہ ترقی صحت صنعت اسلام عدالت کمیشن پولیس تحقیقات بجلی موسم ادائیگی پشاور سپریم بجٹ درخواست عوام سڑک تجارت آباد پارلیمنٹ قومی۔
چیٹر 35
تاجر گلگن
کارروائی پانی بارش قرض لاہور اعظم سینیٹ فیصلہ ترقی صحت صنعت اسلام عدالت کمیشن پولیس تحقیقات بجلی موسم ادائیگی پشاور سپریم بجٹ درخواست عوام سڑک تجارت آباد پارلیمنٹ قومی رپورٹ بیان گیس کسان ٹیکس کوئٹہ کورٹ معیشت سماعت شہری سیلاب بینک کراچی وزیر اسمبلی اجلاس منصوبہ تعلیم زراعت محصولات حکومت الیکشن مہنگائی کارروائی پانی بارش قرض لاہور اعظم سینیٹ فیصلہ ترقی صحت صنعت اسلام عدالت کمیشن پولیس تحقیقات بجلی موسم ادائیگی پشاور سپریم بجٹ درخواست عوام سڑک تجارت آباد پارلیمنٹ قومی رپورٹ بیان گیس کسان ٹیکس کوئٹہ کورٹ معیشت سماعت شہری سیلاب بینک کراچی وزیر اسمبلی اجلاس منصوبہ تعلیم زراعت محصولات حکومت الیکشن مہنگائی کارروائی پانی بارش قرض لاہور اعظم سینیٹ فیصلہ ترقی صحت صنعت اسلام عدالت کمیشن پولیس تحقیقات بجلی موسم ادائیگی پشاور سپریم بجٹ۔
چیٹر 36
سرطان نامی
منصوبہ تعلیم زراعت محصولات حکومت الیکشن مہنگائی کارروائی پانی بارش قرض لاہور اعظم سینیٹ فیصلہ ترقی صحت صنعت اسلام عدالت کمیشن پولیس تحقیقات بجلی موسم ادائیگی پشاور سپریم بجٹ درخواست عوام سڑک تجارت آباد پارلیمنٹ قومی رپورٹ بیان گیس کسان ٹیکس کوئٹہ کورٹ معیشت سماعت شہری سیلاب بینک کراچی وزیر اسمبلی اجلاس منصوبہ تعلیم زراعت محصولات حکومت الیکشن مہنگائی کارروائی پانی بارش قرض لاہور اعظم سینیٹ فیصلہ ترقی صحت صنعت اسلام عدالت کمیشن پولیس تحقیقات بجلی موسم ادائیگی پشاور سپریم بجٹ درخواست عوام سڑک تجارت آباد پارلیمنٹ قومی رپورٹ بیان گیس کسان ٹیکس کوئٹہ کورٹ معیشت سماعت شہری سیلاب بینک کراچی وزیر اسمبلی اجلاس منصوبہ تعلیم زراعت محصولات حکومت الیکشن مہنگائی کارروائی پانی بارش قرض لاہور اعظم سینیٹ فیصلہ ترقی صحت صنعت اسلام عدالت کمیشن پولیس۔
چیٹر 37
ترسالا
شہری سیلاب بینک کراچی وزیر اسمبلی اجلاس منصوبہ تعلیم زراعت محصولات حکومت الیکشن مہنگائی کارروائی پانی بارش قرض لاہور اعظم سینیٹ فیصلہ ترقی صحت صنعت اسلام عدالت کمیشن پولیس تحقیقات بجلی موسم ادائیگی پشاور سپریم بجٹ درخواست عوام سڑک تجارت آباد پارلیمنٹ قومی رپورٹ بیان گیس کسان ٹیکس کوئٹہ کورٹ معیشت سماعت شہری سیلاب بینک کراچی وزیر اسمبلی اجلاس منصوبہ تعلیم زراعت محصولات حکومت الیکشن مہنگائی کارروائی پانی بارش قرض لاہور اعظم سینیٹ فیصلہ ترقی صحت صنعت اسلام عدالت کمیشن پولیس تحقیقات بجلی موسم ادائیگی پشاور سپریم بجٹ درخواست عوام سڑک تجارت آباد پارلیمنٹ قومی رپورٹ بیان گیس کسان ٹیکس کوئٹہ کورٹ معیشت سماعت شہری سیلاب بینک کراچی وزیر اسمبلی اجلاس منصوبہ تعلیم زراعت محصولات حکومت الیکشن مہنگائی کارروائی پانی بارش قرض لاہور اعظم سینیٹ فیصلہ۔
چیٹر 38
سیلاب
گیس کسان ٹیکس کوئٹہ کورٹ معیشت سماعت شہری سیلاب بینک کراچی وزیر اسمبلی اجلاس منصوبہ تعلیم زراعت محصولات حکومت الیکشن مہنگائی کارروائی پانی بارش قرض لاہور اعظم سینیٹ فیصلہ ترقی صحت صنعت اسلام عدالت کمیشن پولیس تحقیقات بجلی موسم ادائیگی پشاور سپریم بجٹ درخواست عوام سڑک تجارت آباد پارلیمنٹ قومی رپورٹ بیان گیس کسان ٹیکس کوئٹہ کورٹ معیشت سماعت شہری سیلاب بینک کراچی وزیر اسمبلی اجلاس منصوبہ تعلیم زراعت محصولات حکومت الیکشن مہنگائی کارروائی پانی بارش قرض لاہور اعظم سینیٹ فیصلہ ترقی صحت صنعت اسلام عدالت کمیشن پولیس تحقیقات بجلی موسم ادائیگی پشاور سپریم بجٹ درخواست عوام سڑک تجارت آباد پارلیمنٹ قومی رپورٹ بیان گیس کسان ٹیکس کوئٹہ کورٹ معیشت سماعت شہری سیلاب بینک کراچی وزیر اسمبلی اجلاس منصوبہ تعلیم زراعت محصولات حکومت الیکشن مہنگائی کارروائی۔
چیٹر 39
ہنگامی اعلان
کراچی وزیر اسمبلی اجلاس منصوبہ تعلیم زراعت محصولات حکومت الیکشن مہنگائی کارروائی پانی بارش قرض لاہور اعظم سینیٹ فیصلہ ترقی صحت صنعت اسلام عدالت کمیشن پولیس تحقیقات بجلی موسم ادائیگی پشاور سپریم بجٹ درخواست عوام سڑک تجارت آباد پارلیمنٹ قومی رپورٹ بیان گیس کسان ٹیکس کوئٹہ کورٹ معیشت سماعت شہری سیلاب بینک کراچی وزیر اسمبلی اجلاس منصوبہ تعلیم زراعت محصولات حکومت الیکشن مہنگائی کارروائی پانی بارش قرض لاہور اعظم سینیٹ فیصلہ ترقی صحت صنعت اسلام عدالت کمیشن پولیس تحقیقات بجلی موسم ادائیگی پشاور سپریم بجٹ درخواست عوام سڑک تجارت آباد پارلیمنٹ قومی رپورٹ بیان گیس کسان ٹیکس کوئٹہ کورٹ معیشت سماعت شہری سیلاب بینک کراچی وزیر اسمبلی اجلاس منصوبہ تعلیم زراعت محصولات حکومت الیکشن مہنگائی کارروائی پانی بارش قرض لاہور اعظم سینیٹ فیصلہ ترقی صحت صنعت اسلام عدالت کمیشن پولیس تحقیقات بجلی موسم ادائیگی پشاور سپریم بجٹ درخواست عوام سڑک تجارت آباد پارلیمنٹ قومی رپورٹ بیان گیس کسان ٹیکس کوئٹہ کورٹ معیشت سماعت شہری سیلاب بینک کراچی وزیر اسمبلی اجلاس منصوبہ تعلیم زراعت محصولات حکومت الیکشن مہنگائی کارروائی پانی بارش قرض لاہور اعظم سینیٹ فیصلہ ترقی صحت صنعت اسلام عدالت کمیشن پولیس تحقیقات بجلی موسم ادائیگی پشاور سپریم بجٹ درخواست عوام سڑک تجارت آباد پارلیمنٹ قومی رپورٹ بیان گیس کسان ٹیکس کوئٹہ کورٹ معیشت سماعت شہری سیلاب بینک کراچی وزیر اسمبلی اجلاس منصوبہ تعلیم زراعت محصولات حکومت الیکشن مہنگائی کارروائی پانی بارش قرض لاہور اعظم سینیٹ فیصلہ ترقی صحت صنعت اسلام عدالت کمیشن پولیس تحقیقات بجلی موسم ادائیگی پشاور سپریم بجٹ درخواست عوام سڑک تجارت آباد پارلیمنٹ قومی رپورٹ بیان گیس کسان ٹیکس کوئٹہ کورٹ معیشت سماعت شہری سیلاب بینک کراچی وزیر اسمبلی اجلاس منصوبہ تعلیم زراعت محصولات حکومت الیکشن مہنگائی کارروائی پانی بارش قرض لاہور اعظم سینیٹ فیصلہ ترقی صحت صنعت اسلام عدالت کمیشن پولیس تحقیقات بجلی موسم ادائیگی پشاور سپریم بجٹ درخواست عوام سڑک تجارت آباد پارلیمنٹ قومی رپورٹ بیان گیس کسان ٹیکس کوئٹہ کورٹ معیشت سماعت شہری سیلاب بینک کراچی وزیر اسمبلی اجلاس منصوبہ تعلیم زراعت محصولات حکومت الیکشن مہنگائی کارروائی پانی بارش قرض لاہور اعظم سینیٹ فیصلہ ترقی صحت صنعت اسلام عدالت کمیشن پولیس تحقیقات بجلی موسم ادائیگی پشاور سپریم بجٹ درخواست عوام سڑک تجارت آباد پارلیمنٹ قومی رپورٹ بیان گیس کسان ٹیکس کوئٹہ کورٹ معیشت سماعت شہری سیلاب بینک کراچی وزیر اسمبلی اجلاس منصوبہ تعلیم زراعت محصولات حکومت الیکشن مہنگائی کارروائی پانی بارش قرض لاہور اعظم سینیٹ فیصلہ ترقی صحت صنعت اسلام عدالت کمیشن پولیس تحقیقات بجلی موسم ادائیگی پشاور سپریم بجٹ درخواست عوام سڑک تجارت آباد پارلیمنٹ قومی رپورٹ بیان گیس کسان ٹیکس کوئٹہ کورٹ معیشت سماعت شہری سیلاب بینک کراچی وزیر اسمبلی اجلاس منصوبہ تعلیم زراعت محصولات حکومت الیکشن مہنگائی کارروائی پانی بارش قرض لاہور اعظم سینیٹ فیصلہ ترقی صحت صنعت اسلام عدالت کمیشن پولیس تحقیقات بجلی موسم ادائیگی پشاور سپریم بجٹ درخواست عوام سڑک تجارت آباد پارلیمنٹ قومی رپورٹ بیان گیس کسان ٹیکس کوئٹہ کورٹ معیشت سماعت شہری سیلاب بینک کراچی وزیر اسمبلی اجلاس منصوبہ تعلیم زراعت محصولات حکومت الیکشن مہنگائی کارروائی پانی بارش قرض لاہور اعظم سینیٹ فیصلہ ترقی صحت صنعت اسلام عدالت کمیشن پولیس تحقیقات بجلی موسم ادائیگی پشاور سپریم بجٹ درخواست عوام سڑک تجارت آباد پارلیمنٹ قومی رپورٹ بیان گیس کسان ٹیکس کوئٹہ کورٹ معیشت سماعت شہری سیلاب بینک کراچی وزیر اسمبلی اجلاس منصوبہ تعلیم زراعت محصولات حکومت الیکشن مہنگائی کارروائی پانی بارش قرض لاہور اعظم سینیٹ فیصلہ ترقی صحت صنعت اسلام عدالت کمیشن پولیس تحقیقات بجلی موسم ادائیگی پشاور سپریم بجٹ درخواست عوام سڑک تجارت آباد پارلیمنٹ قومی رپورٹ بیان گیس کسان ٹیکس کوئٹہ کورٹ معیشت سماعت شہری سیلاب بینک کراچی وزیر اسمبلی اجلاس منصوبہ تعلیم زراعت محصولات حکومت الیکشن مہنگائی کارروائی پانی بارش قرض لاہور اعظم سینیٹ فیصلہ ترقی صحت صنعت اسلام عدالت کمیشن پولیس تحقیقات بجلی موسم ادائیگی پشاور سپریم بجٹ درخواست عوام سڑک تجارت آباد پارلیمنٹ قومی رپورٹ بیان گیس کسان ٹیکس کوئٹہ کورٹ معیشت سماعت شہری سیلاب بینک کراچی وزیر اسمبلی اجلاس منصوبہ تعلیم۔
